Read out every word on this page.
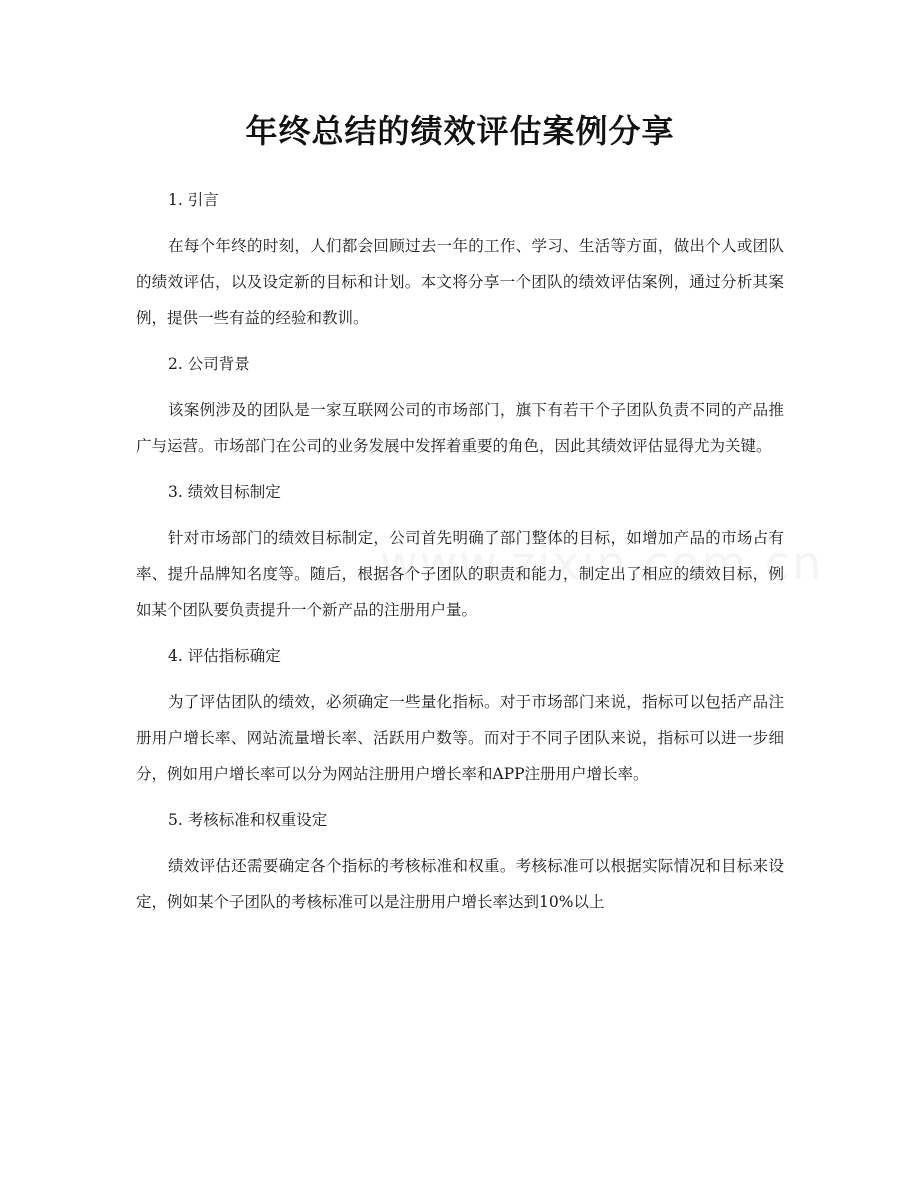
年终总结的绩效评估案例分享
1. 引言
在每个年终的时刻，人们都会回顾过去一年的工作、学习、生活等方面，做出个人或团队的绩效评估，以及设定新的目标和计划。本文将分享一个团队的绩效评估案例，通过分析其案例，提供一些有益的经验和教训。
2. 公司背景
该案例涉及的团队是一家互联网公司的市场部门，旗下有若干个子团队负责不同的产品推广与运营。市场部门在公司的业务发展中发挥着重要的角色，因此其绩效评估显得尤为关键。
3. 绩效目标制定
针对市场部门的绩效目标制定，公司首先明确了部门整体的目标，如增加产品的市场占有率、提升品牌知名度等。随后，根据各个子团队的职责和能力，制定出了相应的绩效目标，例如某个团队要负责提升一个新产品的注册用户量。
4. 评估指标确定
为了评估团队的绩效，必须确定一些量化指标。对于市场部门来说，指标可以包括产品注册用户增长率、网站流量增长率、活跃用户数等。而对于不同子团队来说，指标可以进一步细分，例如用户增长率可以分为网站注册用户增长率和APP注册用户增长率。
5. 考核标准和权重设定
绩效评估还需要确定各个指标的考核标准和权重。考核标准可以根据实际情况和目标来设定，例如某个子团队的考核标准可以是注册用户增长率达到10%以上
